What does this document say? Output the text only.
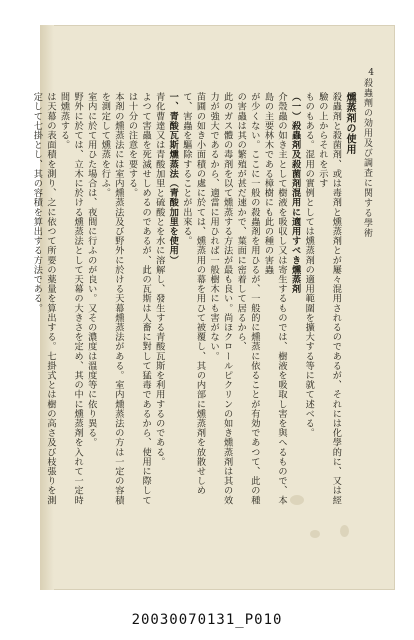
4
殺蟲劑の効用及び調査に関する學術
燻蒸剤の使用
殺蟲剤と殺菌剤、或は毒剤と燻蒸剤とが屢々混用されるのであるが、それには化學的に、又は經驗の上からそれを示す
ものもある。混用の實例としては燻蒸剤の適用範圍を擴大する等に就て述べる。
（一）殺蟲剤及殺菌剤混用に適用すべき燻蒸剤
介殼蟲の如き主として樹液を吸収し又は寄生するものでは、樹液を吸取し害を與へるもので、本島の主要林木である樟樹にも此の種の害蟲
が少くない。ここに一般の殺蟲剤を用ひるが、一般的に燻蒸に依ることが有効であつて、此の種の害蟲は其の繁殖が甚だ速かで、葉面に密着して居るから、
此のガス體の毒剤を以て燻蒸する方法が最も良い。尚ほクロールピクリンの如き燻蒸剤は其の效力が強大であるから、適當に用ひれば一般樹木にも害がない。
苗圃の如き小面積の處に於ては、燻蒸用の幕を用ひて被覆し、其の内部に燻蒸剤を放散せしめて、害蟲を驅除することが出來る。
一、青酸瓦斯燻蒸法（青酸加里を使用）
青化曹達又は青酸加里と硫酸とを水に溶解し、發生する青酸瓦斯を利用するのである。
よつて害蟲を死滅せしめるのであるが、此の瓦斯は人畜に對して猛毒であるから、使用に際しては十分の注意を要する。
本剤の燻蒸法には室内燻蒸法及び野外に於ける天幕燻蒸法がある。室内燻蒸法の方は一定の容積を測定して燻蒸を行ふ。
室内に於て用ひた場合は、夜間に行ふのが良い。又その濃度は溫度等に依り異る。
野外に於ては、立木に於ける燻蒸法として天幕の大きさを定め、其の中に燻蒸剤を入れて一定時間燻蒸する。
は天幕の表面積を測り、之に依つて所要の薬量を算出する。七掛式とは樹の高さ及び枝張りを測定して七掛とし、其の容積を算出する方法である。
20030070131_P010
